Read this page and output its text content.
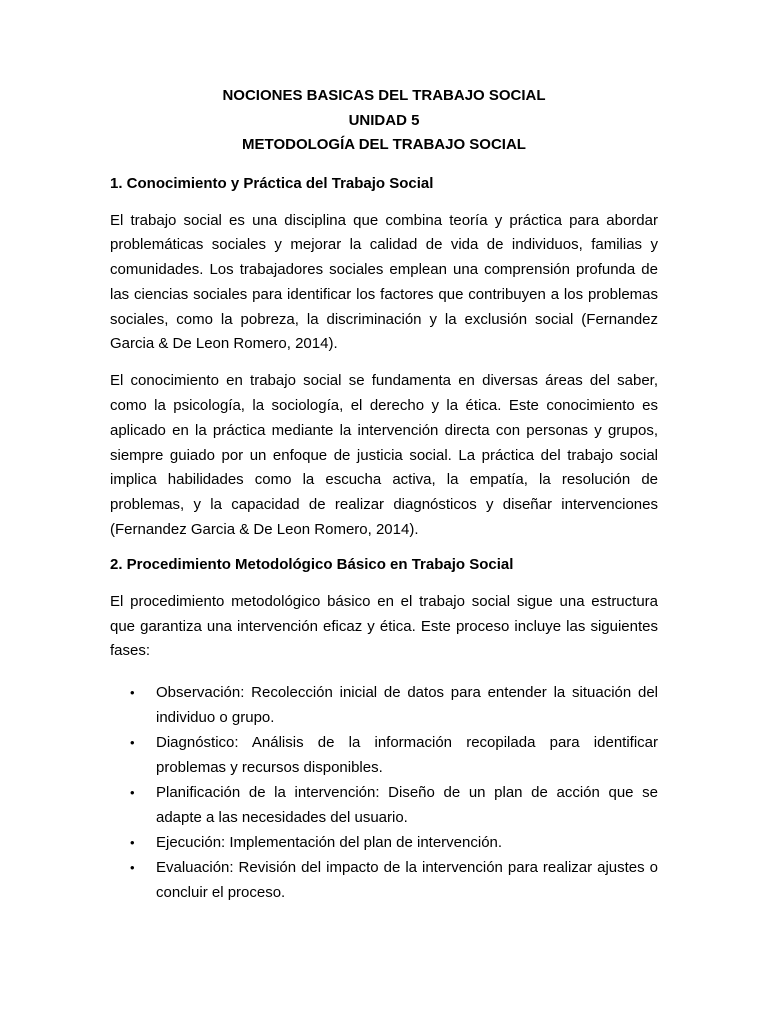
NOCIONES BASICAS DEL TRABAJO SOCIAL

UNIDAD 5

METODOLOGÍA DEL TRABAJO SOCIAL

1. Conocimiento y Práctica del Trabajo Social

El trabajo social es una disciplina que combina teoría y práctica para abordar problemáticas sociales y mejorar la calidad de vida de individuos, familias y comunidades. Los trabajadores sociales emplean una comprensión profunda de las ciencias sociales para identificar los factores que contribuyen a los problemas sociales, como la pobreza, la discriminación y la exclusión social (Fernandez Garcia & De Leon Romero, 2014).

El conocimiento en trabajo social se fundamenta en diversas áreas del saber, como la psicología, la sociología, el derecho y la ética. Este conocimiento es aplicado en la práctica mediante la intervención directa con personas y grupos, siempre guiado por un enfoque de justicia social. La práctica del trabajo social implica habilidades como la escucha activa, la empatía, la resolución de problemas, y la capacidad de realizar diagnósticos y diseñar intervenciones (Fernandez Garcia & De Leon Romero, 2014).

2. Procedimiento Metodológico Básico en Trabajo Social

El procedimiento metodológico básico en el trabajo social sigue una estructura que garantiza una intervención eficaz y ética. Este proceso incluye las siguientes fases:

• Observación: Recolección inicial de datos para entender la situación del individuo o grupo.
• Diagnóstico: Análisis de la información recopilada para identificar problemas y recursos disponibles.
• Planificación de la intervención: Diseño de un plan de acción que se adapte a las necesidades del usuario.
• Ejecución: Implementación del plan de intervención.
• Evaluación: Revisión del impacto de la intervención para realizar ajustes o concluir el proceso.
